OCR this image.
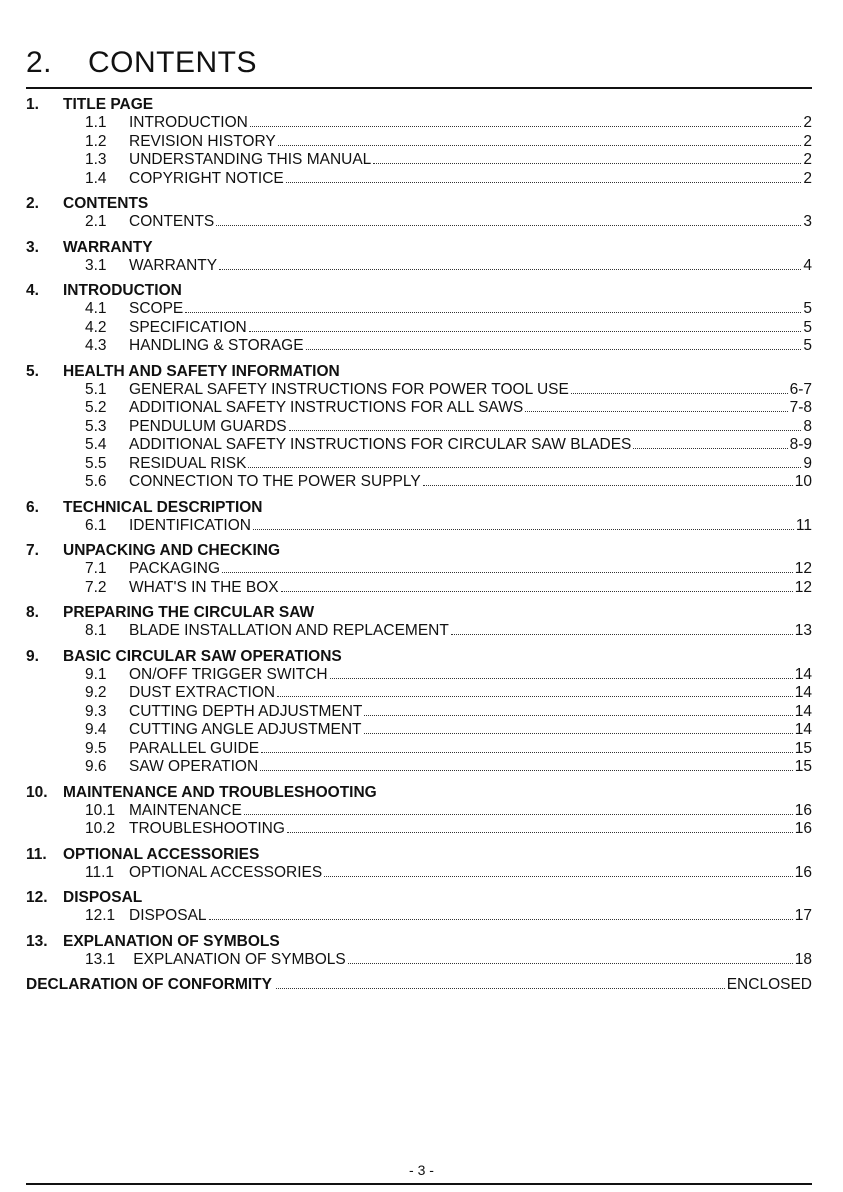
2. CONTENTS
1.	TITLE PAGE
1.1	INTRODUCTION	2
1.2	REVISION HISTORY	2
1.3	UNDERSTANDING THIS MANUAL	2
1.4	COPYRIGHT NOTICE	2
2.	CONTENTS
2.1	CONTENTS	3
3.	WARRANTY
3.1	WARRANTY	4
4.	INTRODUCTION
4.1	SCOPE	5
4.2	SPECIFICATION	5
4.3	HANDLING & STORAGE	5
5.	HEALTH AND SAFETY INFORMATION
5.1	GENERAL SAFETY INSTRUCTIONS FOR POWER TOOL USE	6-7
5.2	ADDITIONAL SAFETY INSTRUCTIONS FOR ALL SAWS	7-8
5.3	PENDULUM GUARDS	8
5.4	ADDITIONAL SAFETY INSTRUCTIONS FOR CIRCULAR SAW BLADES	8-9
5.5	RESIDUAL RISK	9
5.6	CONNECTION TO THE POWER SUPPLY	10
6.	TECHNICAL DESCRIPTION
6.1	IDENTIFICATION	11
7.	UNPACKING AND CHECKING
7.1	PACKAGING	12
7.2	WHAT'S IN THE BOX	12
8.	PREPARING THE CIRCULAR SAW
8.1	BLADE INSTALLATION AND REPLACEMENT	13
9.	BASIC CIRCULAR SAW OPERATIONS
9.1	ON/OFF TRIGGER SWITCH	14
9.2	DUST EXTRACTION	14
9.3	CUTTING DEPTH ADJUSTMENT	14
9.4	CUTTING ANGLE ADJUSTMENT	14
9.5	PARALLEL GUIDE	15
9.6	SAW OPERATION	15
10. MAINTENANCE AND TROUBLESHOOTING
10.1 MAINTENANCE	16
10.2 TROUBLESHOOTING	16
11.	OPTIONAL ACCESSORIES
11.1 OPTIONAL ACCESSORIES	16
12. DISPOSAL
12.1 DISPOSAL	17
13. EXPLANATION OF SYMBOLS
13.1 EXPLANATION OF SYMBOLS	18
DECLARATION OF CONFORMITY	ENCLOSED
- 3 -
